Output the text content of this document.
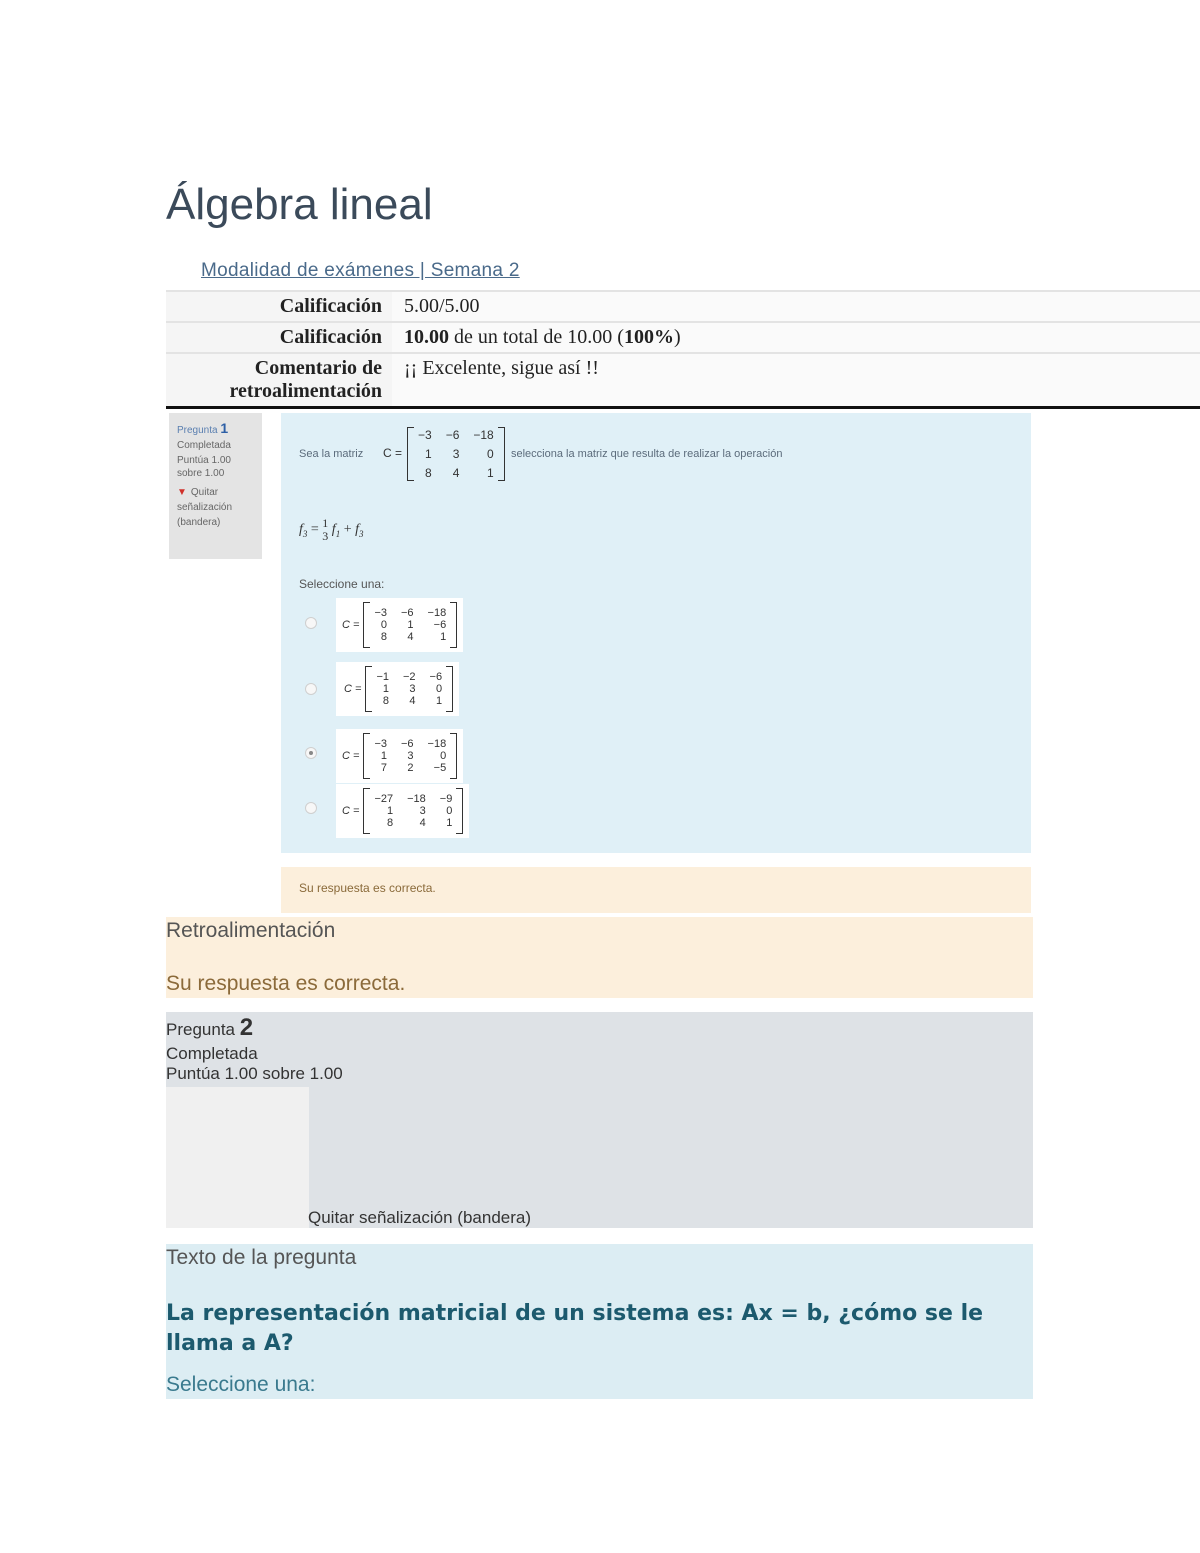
Álgebra lineal
Modalidad de exámenes | Semana 2
Calificación	5.00/5.00
Calificación	10.00 de un total de 10.00 (100%)
Comentario de
retroalimentación	¡¡ Excelente, sigue así !!
Pregunta 1
Completada
Puntúa 1.00
sobre 1.00
▼ Quitar
señalización
(bandera)
Sea la matriz C =
−3 −6 −18
1	3	0
8	4	1
selecciona la matriz que resulta de realizar la operación
$f_3 = 1$
3 $f_1 + f_3$
Seleccione una:
C =
−3 −6 −18
0	1	−6
8	4	1
C =
−1 −2 −6
1	3	0
8	4	1
C =
−3 −6 −18
1	3	0
7	2	−5
C =
−27 −18 −9
1	3	0
8	4	1
Su respuesta es correcta.
Retroalimentación
Su respuesta es correcta.
Pregunta 2
Completada
Puntúa 1.00 sobre 1.00
Quitar señalización (bandera)
Texto de la pregunta
La representación matricial de un sistema es: Ax = b, ¿cómo se le llama a A?
Seleccione una:
